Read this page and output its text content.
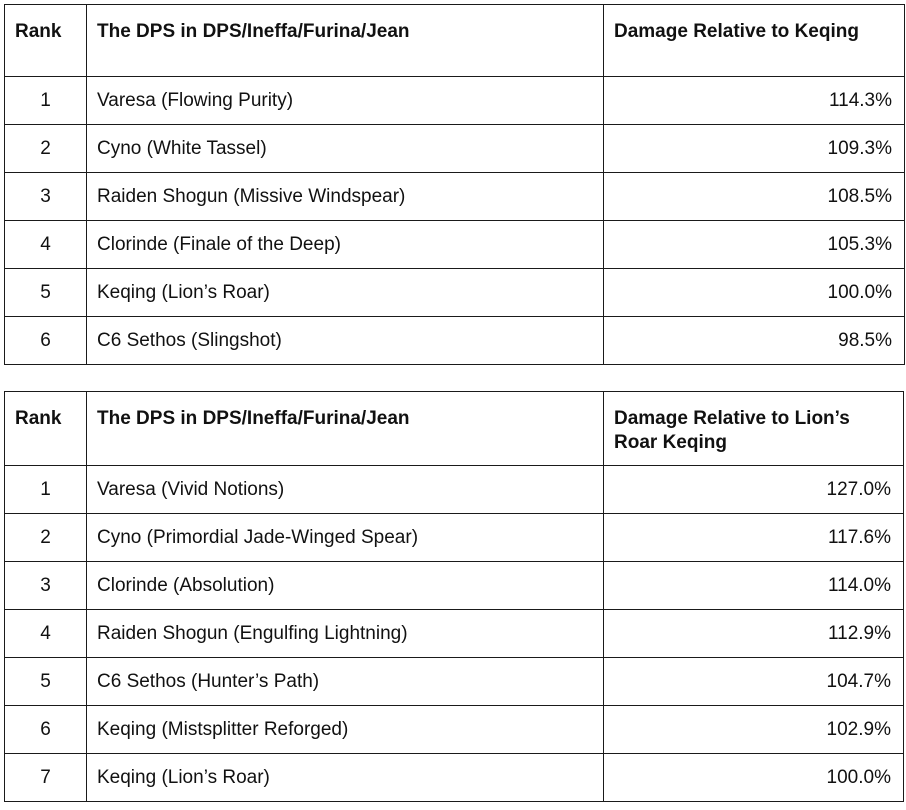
Rank	The DPS in DPS/Ineffa/Furina/Jean	Damage Relative to Keqing
1	Varesa (Flowing Purity)	114.3%
2	Cyno (White Tassel)	109.3%
3	Raiden Shogun (Missive Windspear)	108.5%
4	Clorinde (Finale of the Deep)	105.3%
5	Keqing (Lion’s Roar)	100.0%
6	C6 Sethos (Slingshot)	98.5%
Rank	The DPS in DPS/Ineffa/Furina/Jean	Damage Relative to Lion’s Roar Keqing
1	Varesa (Vivid Notions)	127.0%
2	Cyno (Primordial Jade-Winged Spear)	117.6%
3	Clorinde (Absolution)	114.0%
4	Raiden Shogun (Engulfing Lightning)	112.9%
5	C6 Sethos (Hunter’s Path)	104.7%
6	Keqing (Mistsplitter Reforged)	102.9%
7	Keqing (Lion’s Roar)	100.0%
